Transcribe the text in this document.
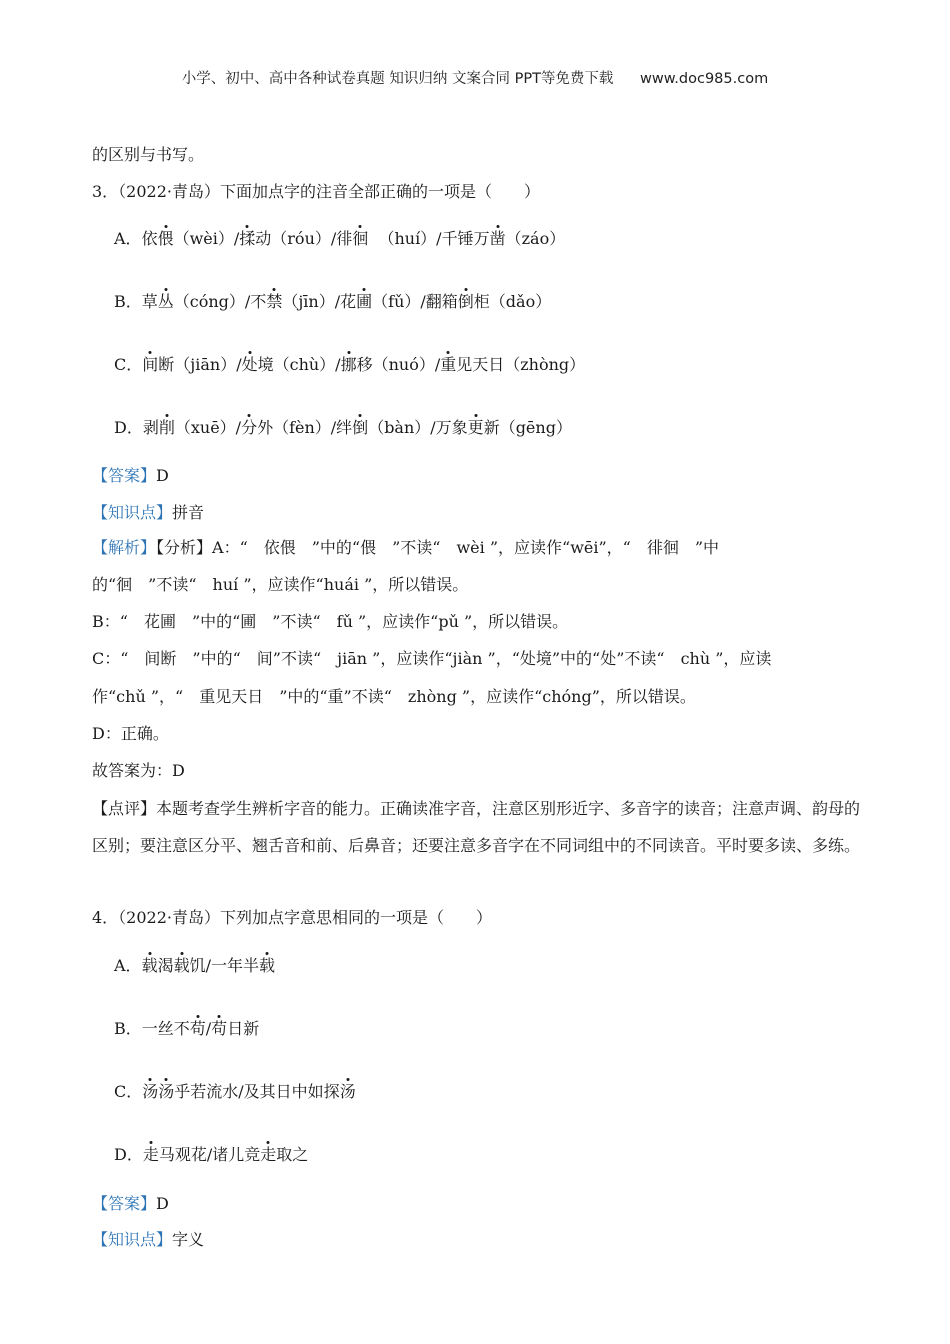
小学、初中、高中各种试卷真题 知识归纳 文案合同 PPT等免费下载 www.doc985.com
的区别与书写。
3．（2022·青岛）下面加点字的注音全部正确的一项是（　　）
A．依偎（wèi）/揉动（róu）/徘徊  （huí）/千锤万凿（záo）
B．草丛（cóng）/不禁（jīn）/花圃（fǔ）/翻箱倒柜（dǎo）
C．间断（jiān）/处境（chù）/挪移（nuó）/重见天日（zhòng）
D．剥削（xuē）/分外（fèn）/绊倒（bàn）/万象更新（gēng）
【答案】D
【知识点】拼音
【解析】【分析】A：“　依偎　”中的“偎　”不读“　wèi ”，应读作“wēi”，“　徘徊　”中
的“徊　”不读“　huí ”，应读作“huái ”，所以错误。
B：“　花圃　”中的“圃　”不读“　fǔ ”，应读作“pǔ ”，所以错误。
C：“　间断　”中的“　间”不读“　jiān ”，应读作“jiàn ”，“处境”中的“处”不读“　chù ”，应读
作“chǔ ”，“　重见天日　”中的“重”不读“　zhòng ”，应读作“chóng”，所以错误。
D：正确。
故答案为：D
【点评】本题考查学生辨析字音的能力。正确读准字音，注意区别形近字、多音字的读音；注意声调、韵母的区别；要注意区分平、翘舌音和前、后鼻音；还要注意多音字在不同词组中的不同读音。平时要多读、多练。
4．（2022·青岛）下列加点字意思相同的一项是（　　）
A．载渴载饥/一年半载
B．一丝不苟/苟日新
C．汤汤乎若流水/及其日中如探汤
D．走马观花/诸儿竞走取之
【答案】D
【知识点】字义
